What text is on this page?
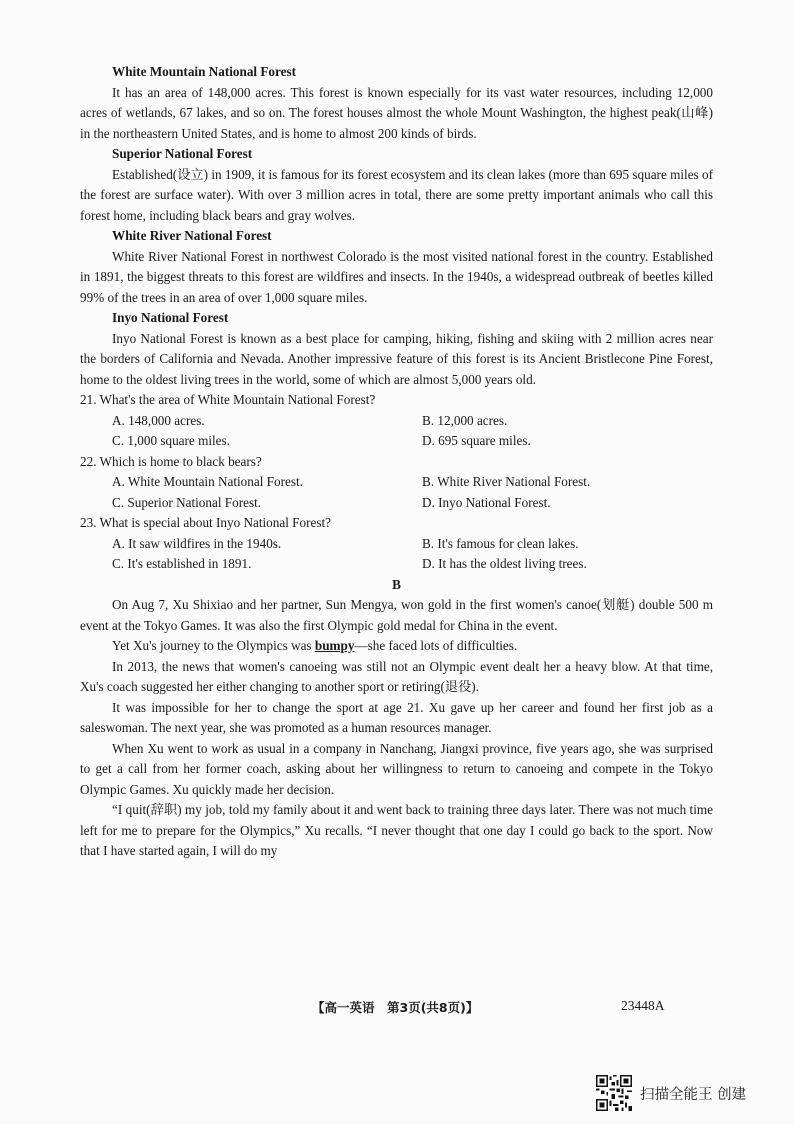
White Mountain National Forest

It has an area of 148,000 acres. This forest is known especially for its vast water resources, including 12,000 acres of wetlands, 67 lakes, and so on. The forest houses almost the whole Mount Washington, the highest peak(山峰) in the northeastern United States, and is home to almost 200 kinds of birds.

Superior National Forest

Established(设立) in 1909, it is famous for its forest ecosystem and its clean lakes (more than 695 square miles of the forest are surface water). With over 3 million acres in total, there are some pretty important animals who call this forest home, including black bears and gray wolves.

White River National Forest

White River National Forest in northwest Colorado is the most visited national forest in the country. Established in 1891, the biggest threats to this forest are wildfires and insects. In the 1940s, a widespread outbreak of beetles killed 99% of the trees in an area of over 1,000 square miles.

Inyo National Forest

Inyo National Forest is known as a best place for camping, hiking, fishing and skiing with 2 million acres near the borders of California and Nevada. Another impressive feature of this forest is its Ancient Bristlecone Pine Forest, home to the oldest living trees in the world, some of which are almost 5,000 years old.

21. What's the area of White Mountain National Forest?
A. 148,000 acres.	B. 12,000 acres.
C. 1,000 square miles.	D. 695 square miles.
22. Which is home to black bears?
A. White Mountain National Forest.	B. White River National Forest.
C. Superior National Forest.	D. Inyo National Forest.
23. What is special about Inyo National Forest?
A. It saw wildfires in the 1940s.	B. It's famous for clean lakes.
C. It's established in 1891.	D. It has the oldest living trees.
B

On Aug 7, Xu Shixiao and her partner, Sun Mengya, won gold in the first women's canoe(划艇) double 500 m event at the Tokyo Games. It was also the first Olympic gold medal for China in the event.

Yet Xu's journey to the Olympics was bumpy—she faced lots of difficulties.

In 2013, the news that women's canoeing was still not an Olympic event dealt her a heavy blow. At that time, Xu's coach suggested her either changing to another sport or retiring(退役).

It was impossible for her to change the sport at age 21. Xu gave up her career and found her first job as a saleswoman. The next year, she was promoted as a human resources manager.

When Xu went to work as usual in a company in Nanchang, Jiangxi province, five years ago, she was surprised to get a call from her former coach, asking about her willingness to return to canoeing and compete in the Tokyo Olympic Games. Xu quickly made her decision.

“I quit(辞职) my job, told my family about it and went back to training three days later. There was not much time left for me to prepare for the Olympics,” Xu recalls. “I never thought that one day I could go back to the sport. Now that I have started again, I will do my

【高一英语　第3页(共8页)】	23448A
扫描全能王 创建
